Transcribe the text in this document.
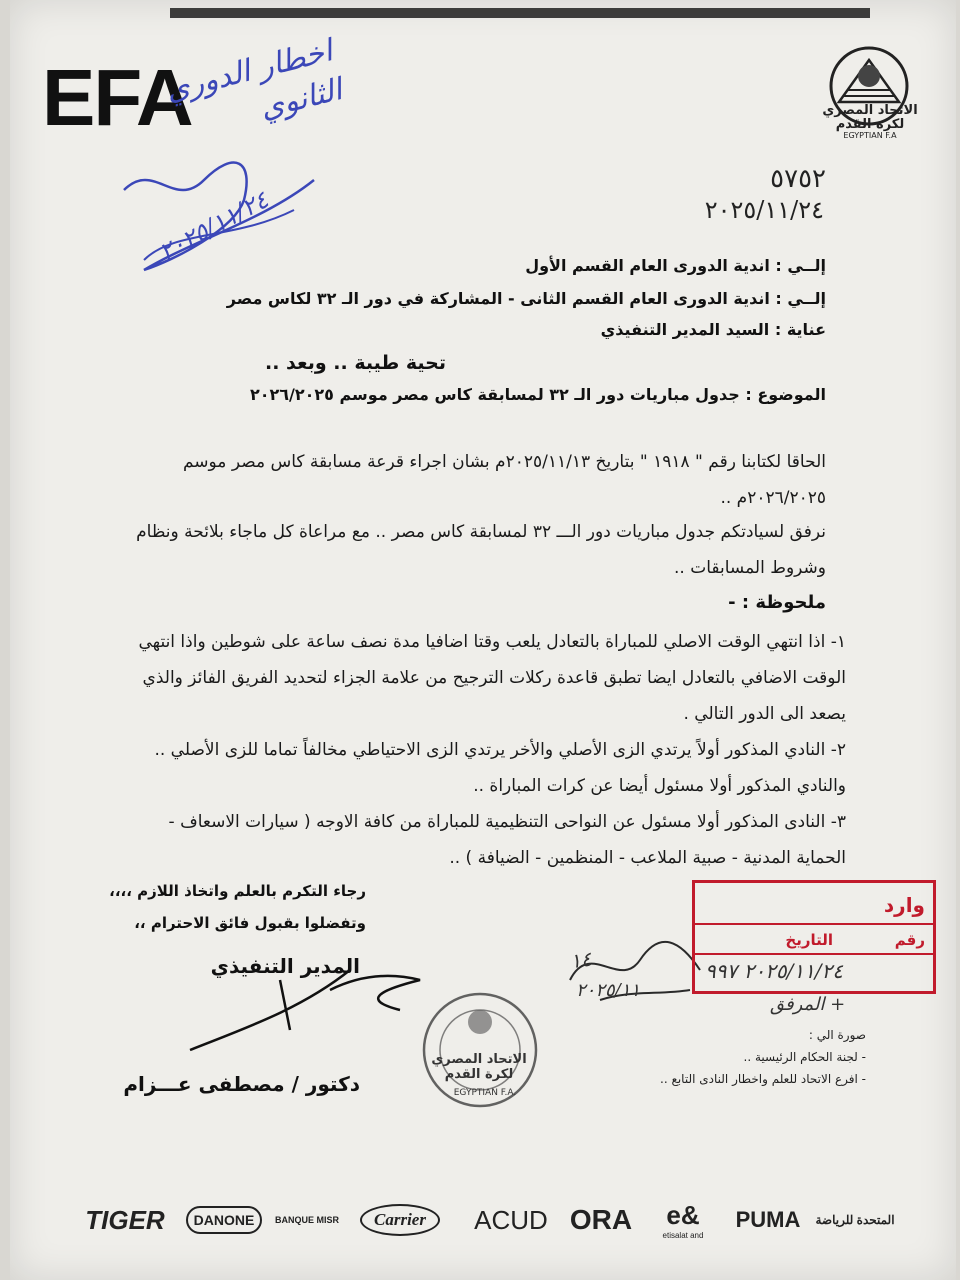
EFA	الاتحاد المصري لكرة القدم
EGYPTIAN F.A
اخطار الدوري الثانوي
٢٠٢٥/١١/٢٤
٥٧٥٢
٢٠٢٥/١١/٢٤
إلــي : اندية الدورى العام القسم الأول
إلــي : اندية الدورى العام القسم الثانى - المشاركة في دور الـ ٣٢ لكاس مصر
عناية : السيد المدير التنفيذي
تحية طيبة .. وبعد ..
الموضوع : جدول مباريات دور الـ ٣٢ لمسابقة كاس مصر موسم ٢٠٢٦/٢٠٢٥
الحاقا لكتابنا رقم " ١٩١٨ " بتاريخ ٢٠٢٥/١١/١٣م بشان اجراء قرعة مسابقة كاس مصر موسم ٢٠٢٦/٢٠٢٥م ..
نرفق لسيادتكم جدول مباريات دور الـــ ٣٢ لمسابقة كاس مصر .. مع مراعاة كل ماجاء بلائحة ونظام وشروط المسابقات ..
ملحوظة : -
١- اذا انتهي الوقت الاصلي للمباراة بالتعادل يلعب وقتا اضافيا مدة نصف ساعة على شوطين واذا انتهي الوقت الاضافي بالتعادل ايضا تطبق قاعدة ركلات الترجيح من علامة الجزاء لتحديد الفريق الفائز والذي يصعد الى الدور التالي .
٢- النادي المذكور أولاً يرتدي الزى الأصلي والأخر يرتدي الزى الاحتياطي مخالفاً تماما للزى الأصلي .. والنادي المذكور أولا مسئول أيضا عن كرات المباراة ..
٣- النادى المذكور أولا مسئول عن النواحى التنظيمية للمباراة من كافة الاوجه ( سيارات الاسعاف - الحماية المدنية - صبية الملاعب - المنظمين - الضيافة ) ..
رجاء التكرم بالعلم واتخاذ اللازم ،،،،
وتفضلوا بقبول فائق الاحترام ،،
المدير التنفيذي
دكتور / مصطفى عـــزام
الاتحاد المصري لكرة القدم
EGYPTIAN F.A.
وارد
رقم
التاريخ
٢٠٢٥/١١/٢٤ ٩٩٧
١٤
٢٠٢٥/١١
+ المرفق
صورة الي :
- لجنة الحكام الرئيسية ..
- افرع الاتحاد للعلم واخطار النادى التابع ..
TIGER	DANONE	BANQUE MISR	Carrier	ACUD ORA e&
etisalat and
PUMA	المتحدة للرياضة
